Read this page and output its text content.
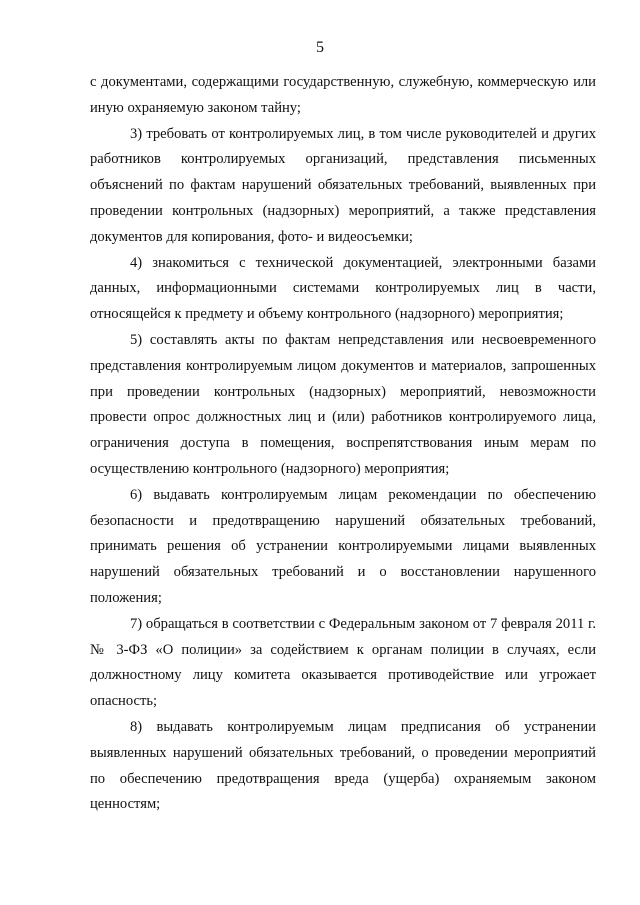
5

с документами, содержащими государственную, служебную, коммерческую или иную охраняемую законом тайну;

3) требовать от контролируемых лиц, в том числе руководителей и других работников контролируемых организаций, представления письменных объяснений по фактам нарушений обязательных требований, выявленных при проведении контрольных (надзорных) мероприятий, а также представления документов для копирования, фото- и видеосъемки;

4) знакомиться с технической документацией, электронными базами данных, информационными системами контролируемых лиц в части, относящейся к предмету и объему контрольного (надзорного) мероприятия;

5) составлять акты по фактам непредставления или несвоевременного представления контролируемым лицом документов и материалов, запрошенных при проведении контрольных (надзорных) мероприятий, невозможности провести опрос должностных лиц и (или) работников контролируемого лица, ограничения доступа в помещения, воспрепятствования иным мерам по осуществлению контрольного (надзорного) мероприятия;

6) выдавать контролируемым лицам рекомендации по обеспечению безопасности и предотвращению нарушений обязательных требований, принимать решения об устранении контролируемыми лицами выявленных нарушений обязательных требований и о восстановлении нарушенного положения;

7) обращаться в соответствии с Федеральным законом от 7 февраля 2011 г. № 3-ФЗ «О полиции» за содействием к органам полиции в случаях, если должностному лицу комитета оказывается противодействие или угрожает опасность;

8) выдавать контролируемым лицам предписания об устранении выявленных нарушений обязательных требований, о проведении мероприятий по обеспечению предотвращения вреда (ущерба) охраняемым законом ценностям;
